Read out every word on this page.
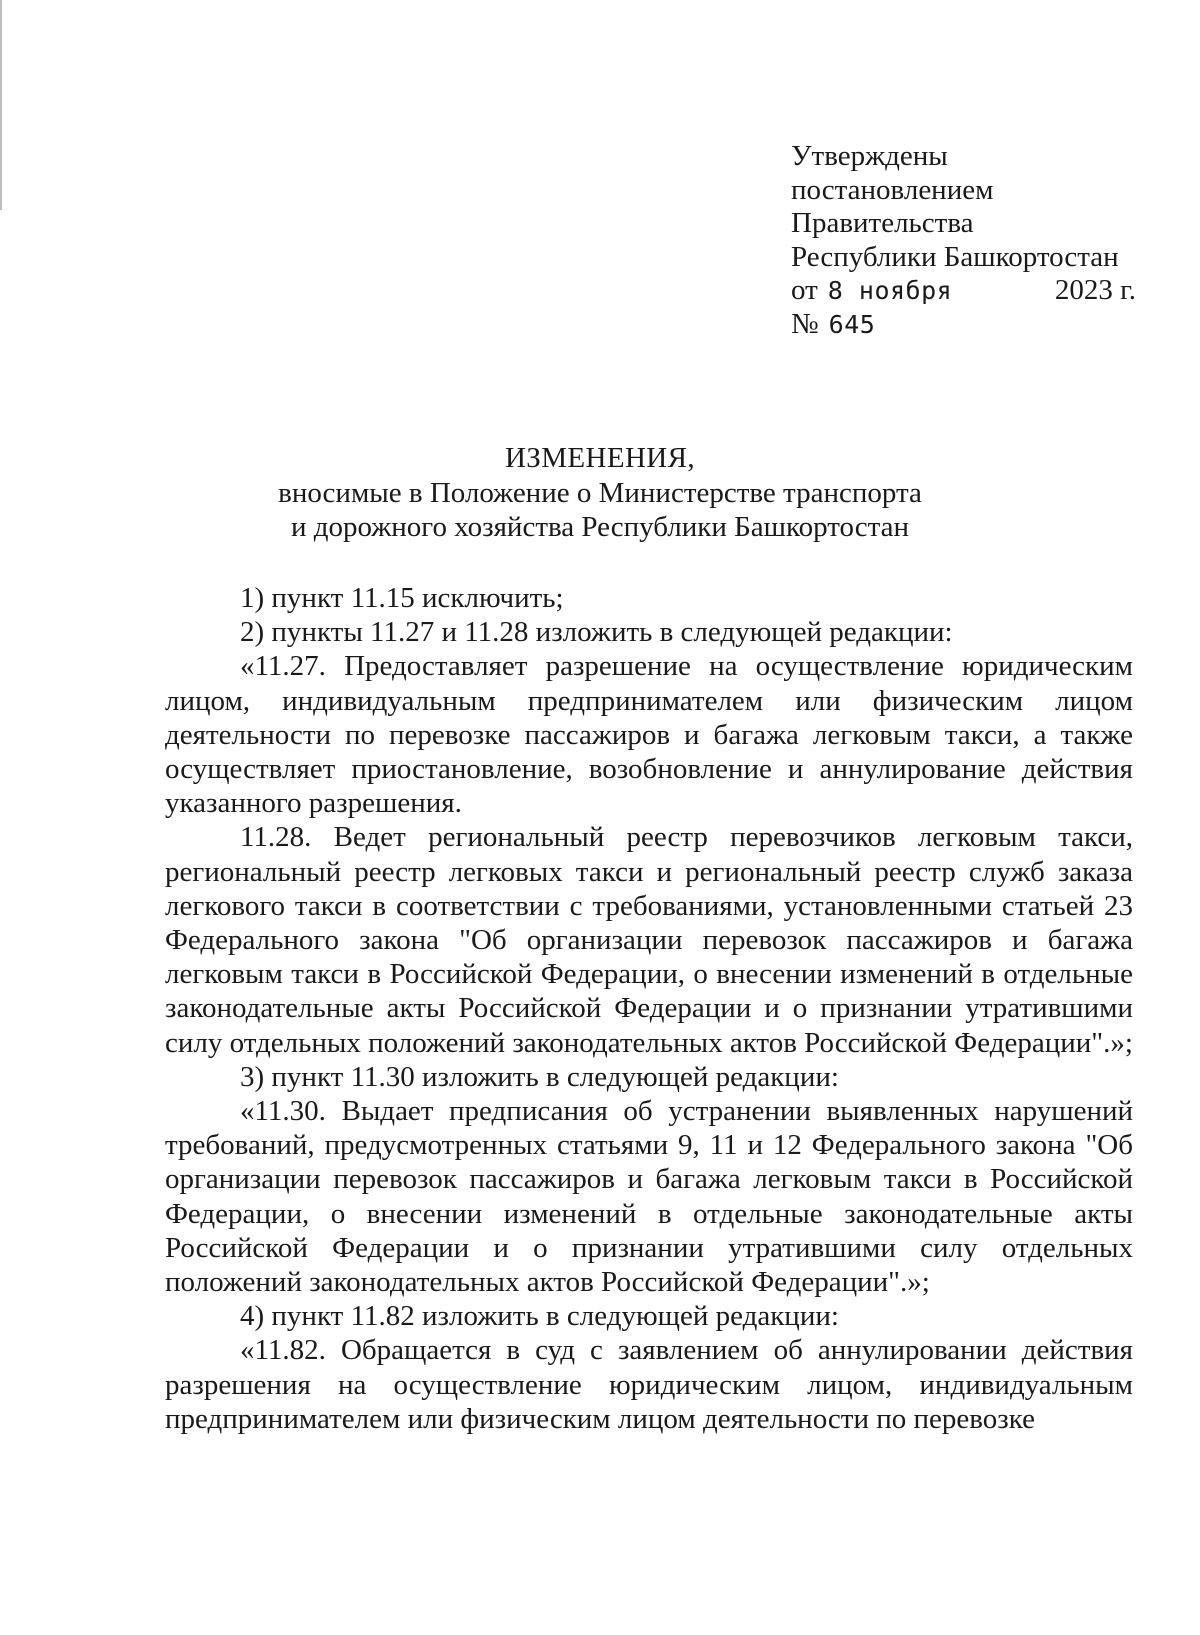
Утверждены
постановлением
Правительства
Республики Башкортостан
от 8 ноября	2023 г.
№ 645
ИЗМЕНЕНИЯ,
вносимые в Положение о Министерстве транспорта
и дорожного хозяйства Республики Башкортостан

1) пункт 11.15 исключить;

2) пункты 11.27 и 11.28 изложить в следующей редакции:

«11.27. Предоставляет разрешение на осуществление юридическим лицом, индивидуальным предпринимателем или физическим лицом деятельности по перевозке пассажиров и багажа легковым такси, а также осуществляет приостановление, возобновление и аннулирование действия указанного разрешения.

11.28. Ведет региональный реестр перевозчиков легковым такси, региональный реестр легковых такси и региональный реестр служб заказа легкового такси в соответствии с требованиями, установленными статьей 23 Федерального закона "Об организации перевозок пассажиров и багажа легковым такси в Российской Федерации, о внесении изменений в отдельные законодательные акты Российской Федерации и о признании утратившими силу отдельных положений законодательных актов Российской Федерации".»;

3) пункт 11.30 изложить в следующей редакции:

«11.30. Выдает предписания об устранении выявленных нарушений требований, предусмотренных статьями 9, 11 и 12 Федерального закона "Об организации перевозок пассажиров и багажа легковым такси в Российской Федерации, о внесении изменений в отдельные законодательные акты Российской Федерации и о признании утратившими силу отдельных положений законодательных актов Российской Федерации".»;

4) пункт 11.82 изложить в следующей редакции:

«11.82. Обращается в суд с заявлением об аннулировании действия разрешения на осуществление юридическим лицом, индивидуальным предпринимателем или физическим лицом деятельности по перевозке
